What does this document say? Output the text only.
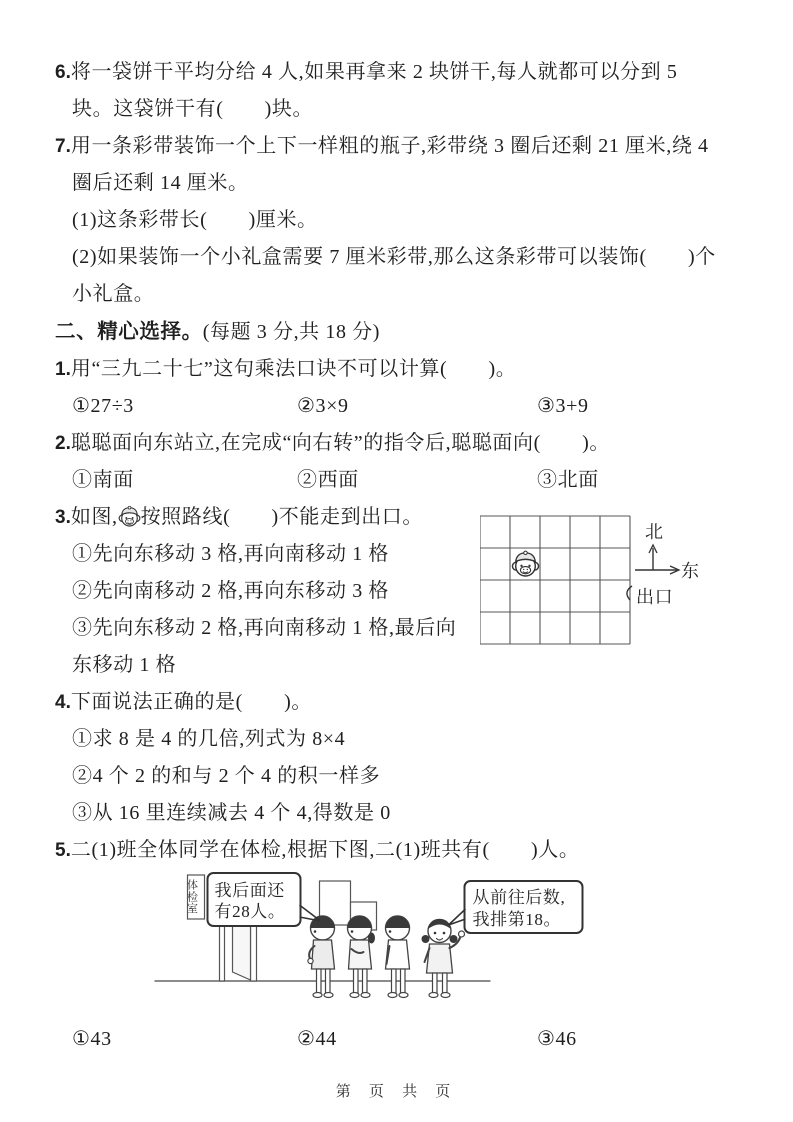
6.将一袋饼干平均分给 4 人,如果再拿来 2 块饼干,每人就都可以分到 5 块。这袋饼干有(　　)块。
7.用一条彩带装饰一个上下一样粗的瓶子,彩带绕 3 圈后还剩 21 厘米,绕 4 圈后还剩 14 厘米。
(1)这条彩带长(　　)厘米。
(2)如果装饰一个小礼盒需要 7 厘米彩带,那么这条彩带可以装饰(　　)个小礼盒。
二、精心选择。(每题 3 分,共 18 分)
1.用“三九二十七”这句乘法口诀不可以计算(　　)。
①27÷3	②3×9	③3+9
2.聪聪面向东站立,在完成“向右转”的指令后,聪聪面向(　　)。
①南面	②西面	③北面
北
东
出口
3.如图, 按照路线(　　)不能走到出口。
①先向东移动 3 格,再向南移动 1 格
②先向南移动 2 格,再向东移动 3 格
③先向东移动 2 格,再向南移动 1 格,最后向东移动 1 格
4.下面说法正确的是(　　)。
①求 8 是 4 的几倍,列式为 8×4
②4 个 2 的和与 2 个 4 的积一样多
③从 16 里连续减去 4 个 4,得数是 0
5.二(1)班全体同学在体检,根据下图,二(1)班共有(　　)人。
体检室 我后面还
有28人。
从前往后数,
我排第18。
①43	②44	③46
第 页 共 页
